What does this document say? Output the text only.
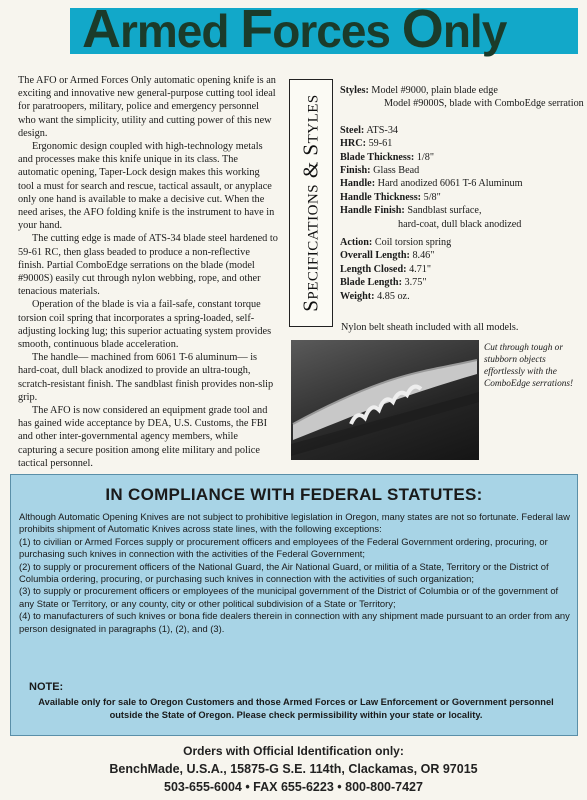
Armed Forces Only

The AFO or Armed Forces Only automatic opening knife is an exciting and innovative new general-purpose cutting tool ideal for paratroopers, military, police and emergency personnel who want the simplicity, utility and cutting power of this new design.

Ergonomic design coupled with high-technology metals and processes make this knife unique in its class. The automatic opening, Taper-Lock design makes this working tool a must for search and rescue, tactical assault, or anyplace only one hand is available to make a decisive cut. When the need arises, the AFO folding knife is the instrument to have in your hand.

The cutting edge is made of ATS-34 blade steel hardened to 59-61 RC, then glass beaded to produce a non-reflective finish. Partial ComboEdge serrations on the blade (model #9000S) easily cut through nylon webbing, rope, and other tenacious materials.

Operation of the blade is via a fail-safe, constant torque torsion coil spring that incorporates a spring-loaded, self-adjusting locking lug; this superior actuating system provides smooth, continuous blade acceleration.

The handle— machined from 6061 T-6 aluminum— is hard-coat, dull black anodized to provide an ultra-tough, scratch-resistant finish. The sandblast finish provides non-slip grip.

The AFO is now considered an equipment grade tool and has gained wide acceptance by DEA, U.S. Customs, the FBI and other inter-governmental agency members, while capturing a secure position among elite military and police tactical personnel.

Specifications & Styles
Styles: Model #9000, plain blade edge
Model #9000S, blade with ComboEdge serration
Steel: ATS-34
HRC: 59-61
Blade Thickness: 1/8"
Finish: Glass Bead
Handle: Hard anodized 6061 T-6 Aluminum
Handle Thickness: 5/8"
Handle Finish: Sandblast surface,
hard-coat, dull black anodized
Action: Coil torsion spring
Overall Length: 8.46"
Length Closed: 4.71"
Blade Length: 3.75"
Weight: 4.85 oz.
Nylon belt sheath included with all models.
Cut through tough or stubborn objects effortlessly with the ComboEdge serrations!
IN COMPLIANCE WITH FEDERAL STATUTES:

Although Automatic Opening Knives are not subject to prohibitive legislation in Oregon, many states are not so fortunate. Federal law prohibits shipment of Automatic Knives across state lines, with the following exceptions:

(1) to civilian or Armed Forces supply or procurement officers and employees of the Federal Government ordering, procuring, or purchasing such knives in connection with the activities of the Federal Government;

(2) to supply or procurement officers of the National Guard, the Air National Guard, or militia of a State, Territory or the District of Columbia ordering, procuring, or purchasing such knives in connection with the activities of such organization;

(3) to supply or procurement officers or employees of the municipal government of the District of Columbia or of the government of any State or Territory, or any county, city or other political subdivision of a State or Territory;

(4) to manufacturers of such knives or bona fide dealers therein in connection with any shipment made pursuant to an order from any person designated in paragraphs (1), (2), and (3).

NOTE:
Available only for sale to Oregon Customers and those Armed Forces or Law Enforcement or Government personnel outside the State of Oregon. Please check permissibility within your state or locality.
Orders with Official Identification only:
BenchMade, U.S.A., 15875-G S.E. 114th, Clackamas, OR 97015
503-655-6004 • FAX 655-6223 • 800-800-7427
